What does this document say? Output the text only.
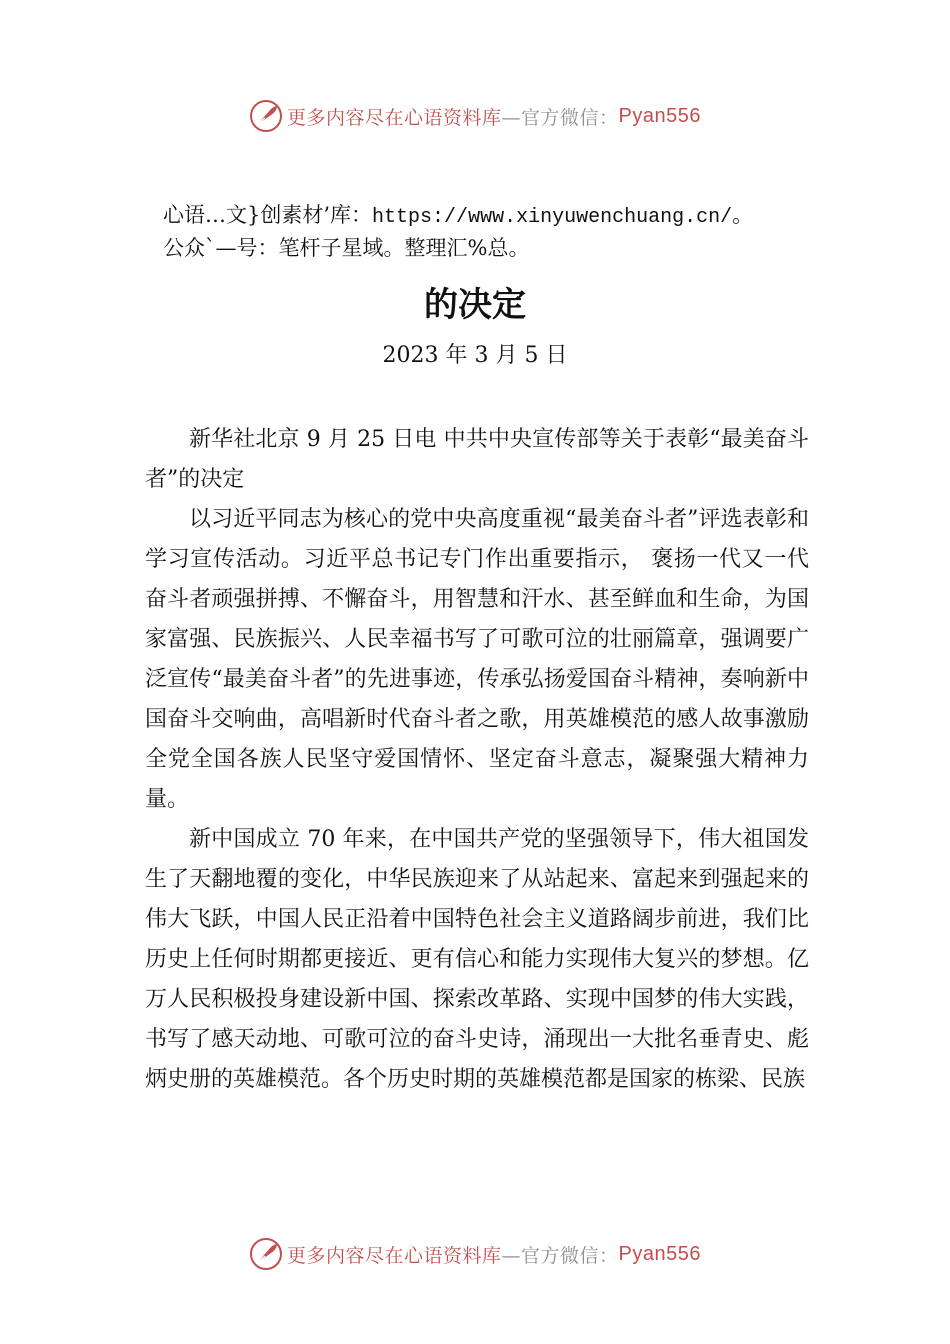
更多内容尽在心语资料库 —官方微信： Pyan556
心语…文}创素材’库：https://www.xinyuwenchuang.cn/。
公众`—号：笔杆子星域。整理汇%总。
的决定
2023 年 3 月 5 日

新华社北京 9 月 25 日电 中共中央宣传部等关于表彰“最美奋斗者”的决定

以习近平同志为核心的党中央高度重视“最美奋斗者”评选表彰和学习宣传活动。习近平总书记专门作出重要指示， 褒扬一代又一代奋斗者顽强拼搏、不懈奋斗，用智慧和汗水、甚至鲜血和生命，为国家富强、民族振兴、人民幸福书写了可歌可泣的壮丽篇章，强调要广泛宣传“最美奋斗者”的先进事迹，传承弘扬爱国奋斗精神，奏响新中国奋斗交响曲，高唱新时代奋斗者之歌，用英雄模范的感人故事激励全党全国各族人民坚守爱国情怀、坚定奋斗意志，凝聚强大精神力量。

新中国成立 70 年来，在中国共产党的坚强领导下，伟大祖国发生了天翻地覆的变化，中华民族迎来了从站起来、富起来到强起来的伟大飞跃，中国人民正沿着中国特色社会主义道路阔步前进，我们比历史上任何时期都更接近、更有信心和能力实现伟大复兴的梦想。亿万人民积极投身建设新中国、探索改革路、实现中国梦的伟大实践，书写了感天动地、可歌可泣的奋斗史诗，涌现出一大批名垂青史、彪炳史册的英雄模范。各个历史时期的英雄模范都是国家的栋梁、民族

更多内容尽在心语资料库 —官方微信： Pyan556
